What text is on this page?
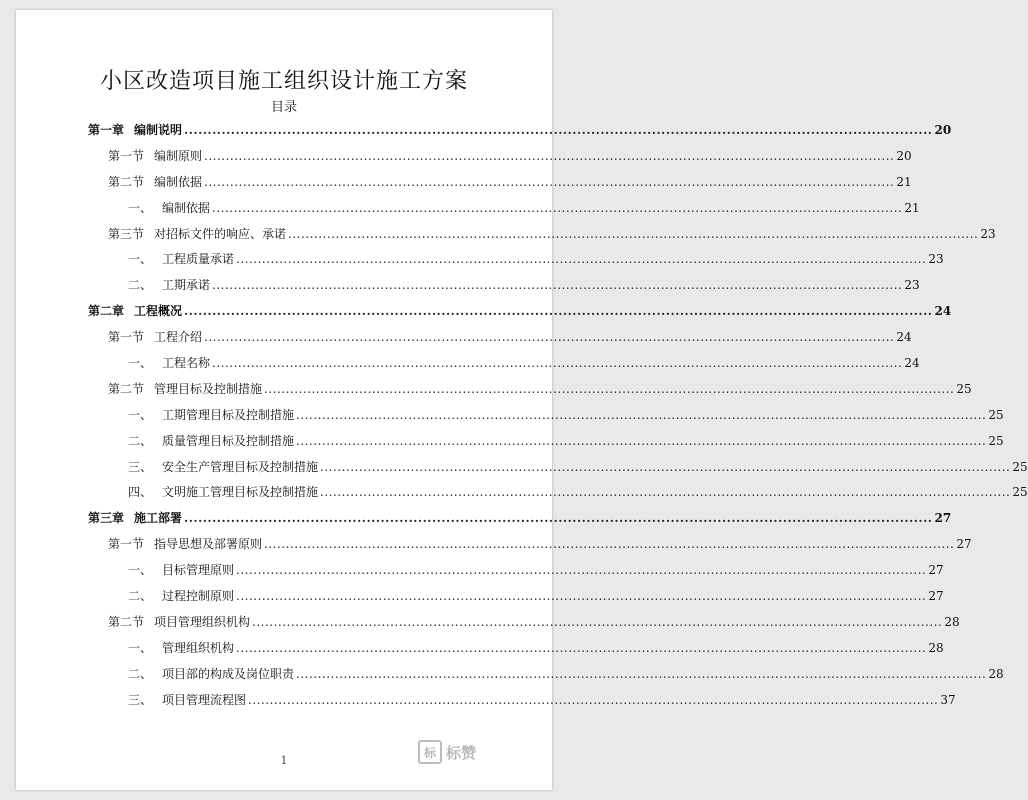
小区改造项目施工组织设计施工方案
目录
第一章 编制说明 ................................................................................................................................................................ 20
第一节 编制原则 ................................................................................................................................................................ 20
第二节 编制依据 ................................................................................................................................................................ 21
一、 编制依据 ................................................................................................................................................................ 21
第三节 对招标文件的响应、承诺 ................................................................................................................................................................ 23
一、 工程质量承诺 ................................................................................................................................................................ 23
二、 工期承诺 ................................................................................................................................................................ 23
第二章 工程概况 ................................................................................................................................................................ 24
第一节 工程介绍 ................................................................................................................................................................ 24
一、 工程名称 ................................................................................................................................................................ 24
第二节 管理目标及控制措施 ................................................................................................................................................................ 25
一、 工期管理目标及控制措施 ................................................................................................................................................................ 25
二、 质量管理目标及控制措施 ................................................................................................................................................................ 25
三、 安全生产管理目标及控制措施 ................................................................................................................................................................ 25
四、 文明施工管理目标及控制措施 ................................................................................................................................................................ 25
第三章 施工部署 ................................................................................................................................................................ 27
第一节 指导思想及部署原则 ................................................................................................................................................................ 27
一、 目标管理原则 ................................................................................................................................................................ 27
二、 过程控制原则 ................................................................................................................................................................ 27
第二节 项目管理组织机构 ................................................................................................................................................................ 28
一、 管理组织机构 ................................................................................................................................................................ 28
二、 项目部的构成及岗位职责 ................................................................................................................................................................ 28
三、 项目管理流程图 ................................................................................................................................................................ 37
1
标 标赞
